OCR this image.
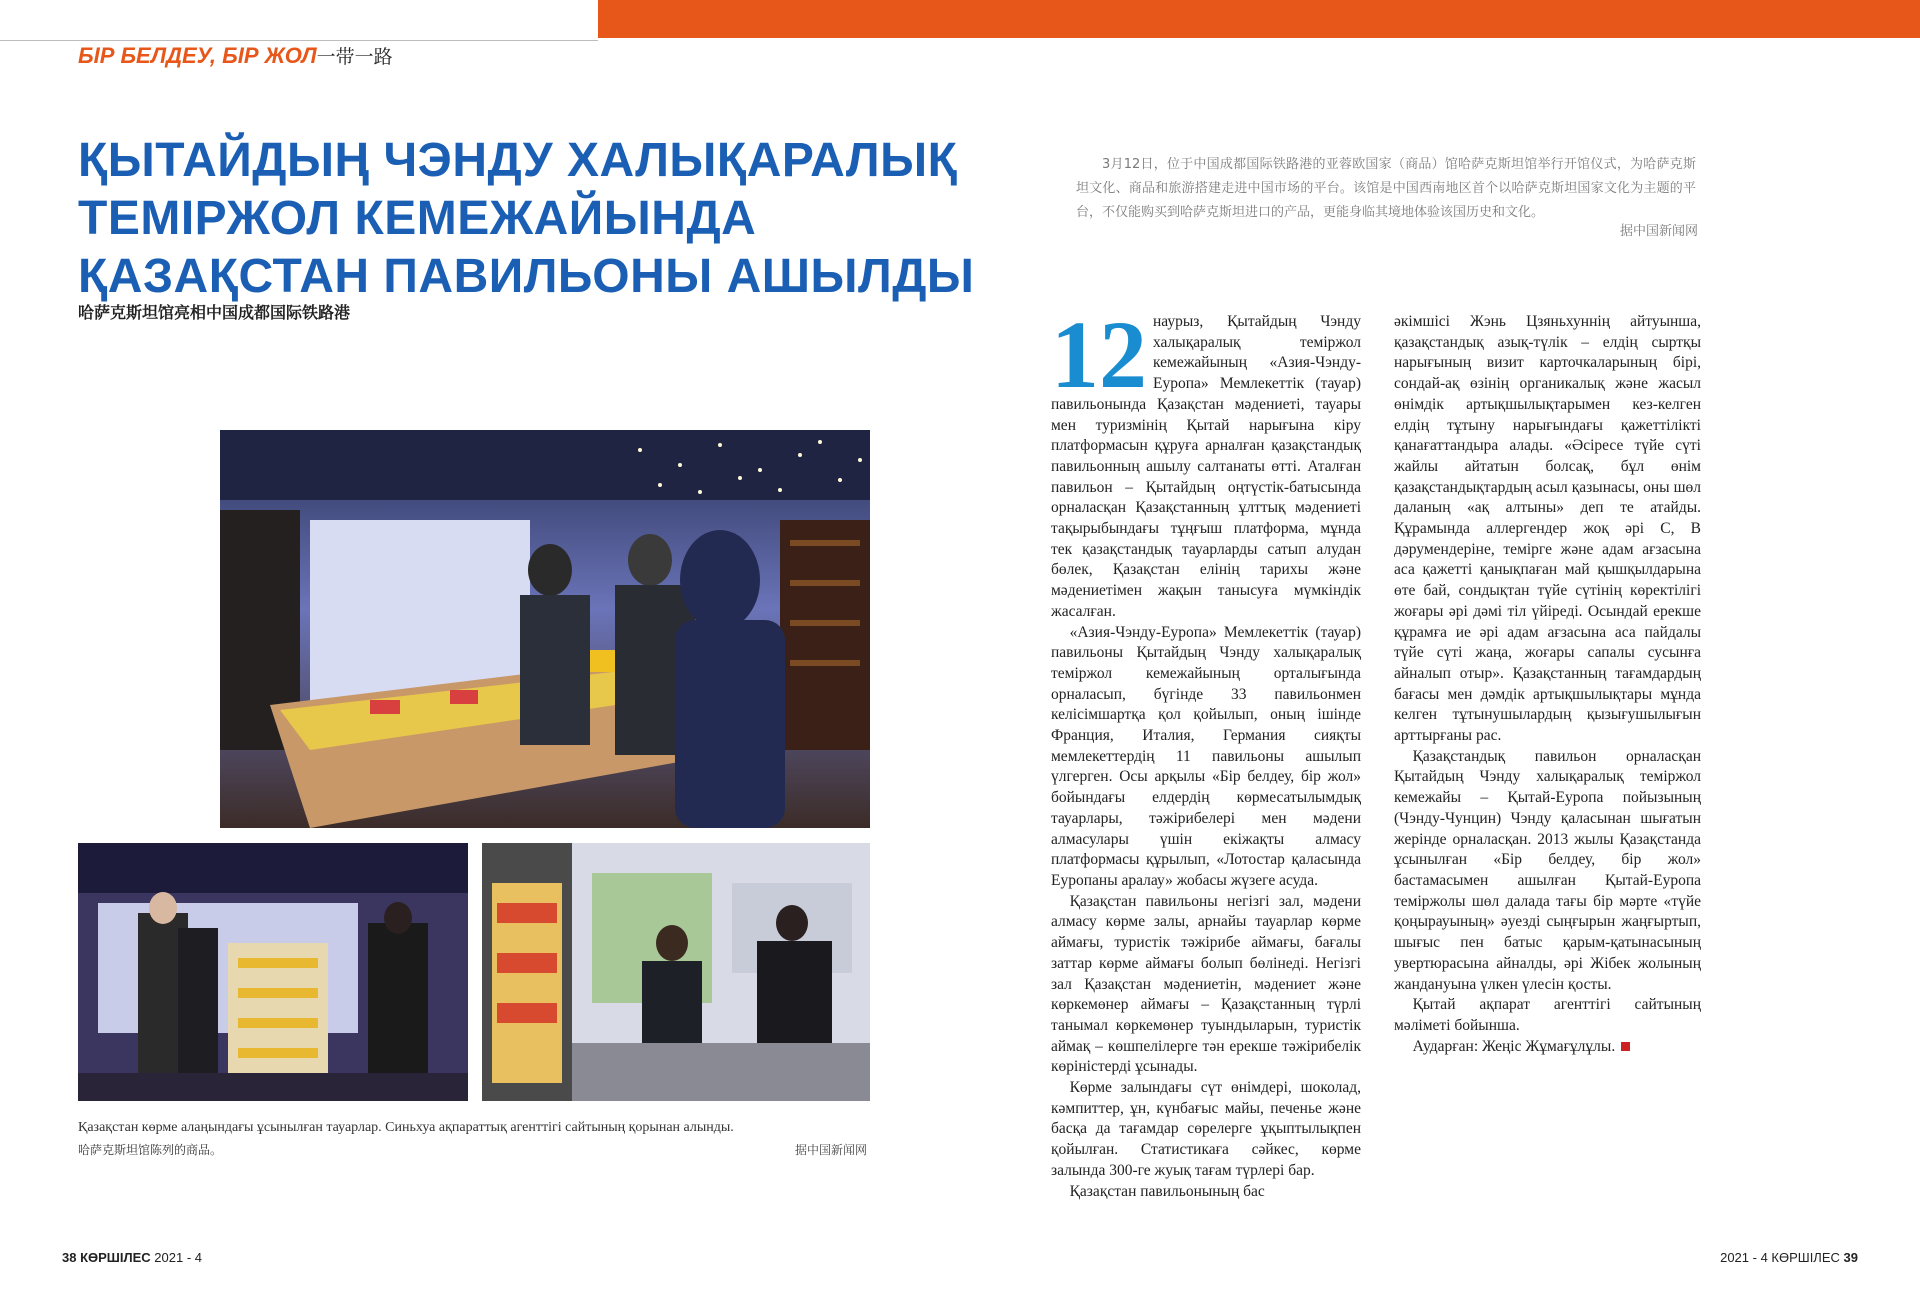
БІР БЕЛДЕУ, БІР ЖОЛ一带一路
ҚЫТАЙДЫҢ ЧЭНДУ ХАЛЫҚАРАЛЫҚ
ТЕМІРЖОЛ КЕМЕЖАЙЫНДА
ҚАЗАҚСТАН ПАВИЛЬОНЫ АШЫЛДЫ
哈萨克斯坦馆亮相中国成都国际铁路港
Қазақстан көрме алаңындағы ұсынылған тауарлар. Синьхуа ақпараттық агенттігі сайтының қорынан алынды.
哈萨克斯坦馆陈列的商品。	据中国新闻网

3月12日，位于中国成都国际铁路港的亚蓉欧国家（商品）馆哈萨克斯坦馆举行开馆仪式，为哈萨克斯坦文化、商品和旅游搭建走进中国市场的平台。该馆是中国西南地区首个以哈萨克斯坦国家文化为主题的平台，不仅能购买到哈萨克斯坦进口的产品，更能身临其境地体验该国历史和文化。

据中国新闻网

12 наурыз, Қытайдың Чэнду халықаралық теміржол кемежайының «Азия-Чэнду-Еуропа» Мемлекеттік (тауар) павильонында Қазақстан мәдениеті, тауары мен туризмінің Қытай нарығына кіру платформасын құруға арналған қазақстандық павильонның ашылу салтанаты өтті. Аталған павильон – Қытайдың оңтүстік-батысында орналасқан Қазақстанның ұлттық мәдениеті тақырыбындағы тұңғыш платформа, мұнда тек қазақстандық тауарларды сатып алудан бөлек, Қазақстан елінің тарихы және мәдениетімен жақын танысуға мүмкіндік жасалған.

«Азия-Чэнду-Еуропа» Мемлекеттік (тауар) павильоны Қытайдың Чэнду халықаралық теміржол кемежайының орталығында орналасып, бүгінде 33 павильонмен келісімшартқа қол қойылып, оның ішінде Франция, Италия, Германия сияқты мемлекеттердің 11 павильоны ашылып үлгерген. Осы арқылы «Бір белдеу, бір жол» бойындағы елдердің көрмесатылымдық тауарлары, тәжірибелері мен мәдени алмасулары үшін екіжақты алмасу платформасы құрылып, «Лотостар қаласында Еуропаны аралау» жобасы жүзеге асуда.

Қазақстан павильоны негізгі зал, мәдени алмасу көрме залы, арнайы тауарлар көрме аймағы, туристік тәжірибе аймағы, бағалы заттар көрме аймағы болып бөлінеді. Негізгі зал Қазақстан мәдениетін, мәдениет және көркемөнер аймағы – Қазақстанның түрлі танымал көркемөнер туындыларын, туристік аймақ – көшпелілерге тән ерекше тәжірибелік көріністерді ұсынады.

Көрме залындағы сүт өнімдері, шоколад, кәмпиттер, ұн, күнбағыс майы, печенье және басқа да тағамдар сөрелерге ұқыптылықпен қойылған. Статистикаға сәйкес, көрме залында 300-ге жуық тағам түрлері бар.

Қазақстан павильонының бас

әкімшісі Жэнь Цзяньхуннің айтуынша, қазақстандық азық-түлік – елдің сыртқы нарығының визит карточкаларының бірі, сондай-ақ өзінің органикалық және жасыл өнімдік артықшылықтарымен кез-келген елдің тұтыну нарығындағы қажеттілікті қанағаттандыра алады. «Әсіресе түйе сүті жайлы айтатын болсақ, бұл өнім қазақстандықтардың асыл қазынасы, оны шөл даланың «ақ алтыны» деп те атайды. Құрамында аллергендер жоқ әрі С, В дәрумендеріне, темірге және адам ағзасына аса қажетті қанықпаған май қышқылдарына өте бай, сондықтан түйе сүтінің көректілігі жоғары әрі дәмі тіл үйіреді. Осындай ерекше құрамға ие әрі адам ағзасына аса пайдалы түйе сүті жаңа, жоғары сапалы сусынға айналып отыр». Қазақстанның тағамдардың бағасы мен дәмдік артықшылықтары мұнда келген тұтынушылардың қызығушылығын арттырғаны рас.

Қазақстандық павильон орналасқан Қытайдың Чэнду халықаралық теміржол кемежайы – Қытай-Еуропа пойызының (Чэнду-Чунцин) Чэнду қаласынан шығатын жерінде орналасқан. 2013 жылы Қазақстанда ұсынылған «Бір белдеу, бір жол» бастамасымен ашылған Қытай-Еуропа теміржолы шөл далада тағы бір мәрте «түйе қоңырауының» әуезді сыңғырын жаңғыртып, шығыс пен батыс қарым-қатынасының увертюрасына айналды, әрі Жібек жолының жандануына үлкен үлесін қосты.

Қытай ақпарат агенттігі сайтының мәліметі бойынша.

Аударған: Жеңіс Жұмағұлұлы.

38 КӨРШІЛЕС 2021 - 4	2021 - 4 КӨРШІЛЕС 39
